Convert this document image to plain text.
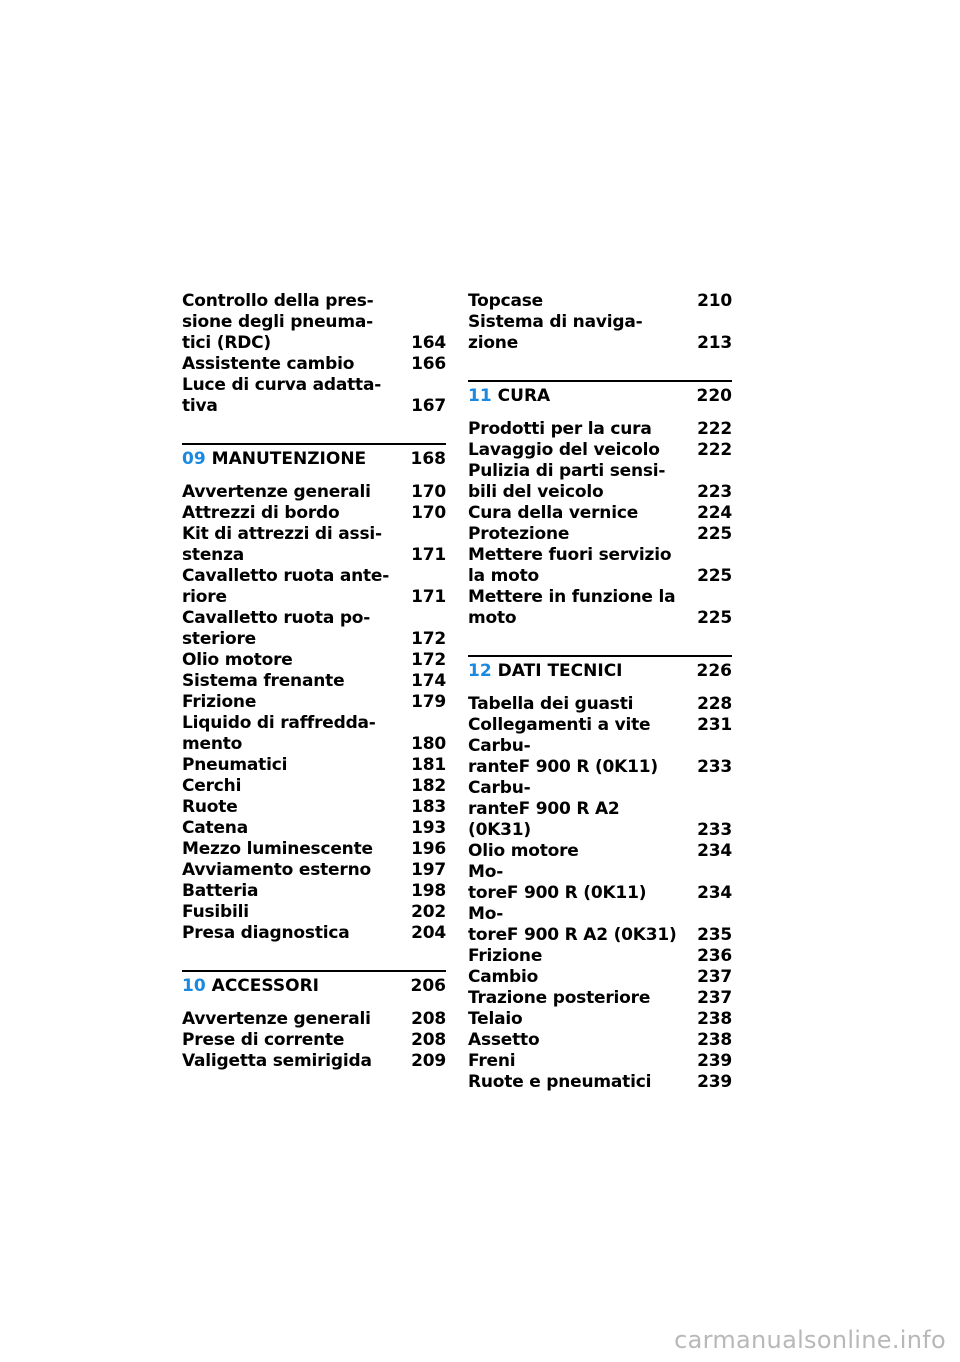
Controllo della pres-
sione degli pneuma-
tici (RDC)	164
Assistente cambio	166
Luce di curva adatta-
tiva	167
09 MANUTENZIONE	168
Avvertenze generali 170
Attrezzi di bordo	170
Kit di attrezzi di assi-
stenza	171
Cavalletto ruota ante-
riore	171
Cavalletto ruota po-
steriore	172
Olio motore	172
Sistema frenante	174
Frizione	179
Liquido di raffredda-
mento	180
Pneumatici	181
Cerchi	182
Ruote	183
Catena	193
Mezzo luminescente 196
Avviamento esterno 197
Batteria	198
Fusibili	202
Presa diagnostica	204
10 ACCESSORI	206
Avvertenze generali 208
Prese di corrente	208
Valigetta semirigida 209
Topcase	210
Sistema di naviga-
zione	213
11 CURA	220
Prodotti per la cura	222
Lavaggio del veicolo 222
Pulizia di parti sensi-
bili del veicolo	223
Cura della vernice	224
Protezione	225
Mettere fuori servizio
la moto	225
Mettere in funzione la
moto	225
12 DATI TECNICI	226
Tabella dei guasti	228
Collegamenti a vite	231
Carbu-
ranteF 900 R (0K11) 233
Carbu-
ranteF 900 R A2 (0K31)	233
Olio motore	234
Mo-
toreF 900 R (0K11)	234
Mo-
toreF 900 R A2 (0K31) 235
Frizione	236
Cambio	237
Trazione posteriore	237
Telaio	238
Assetto	238
Freni	239
Ruote e pneumatici	239
carmanualsonline.info
